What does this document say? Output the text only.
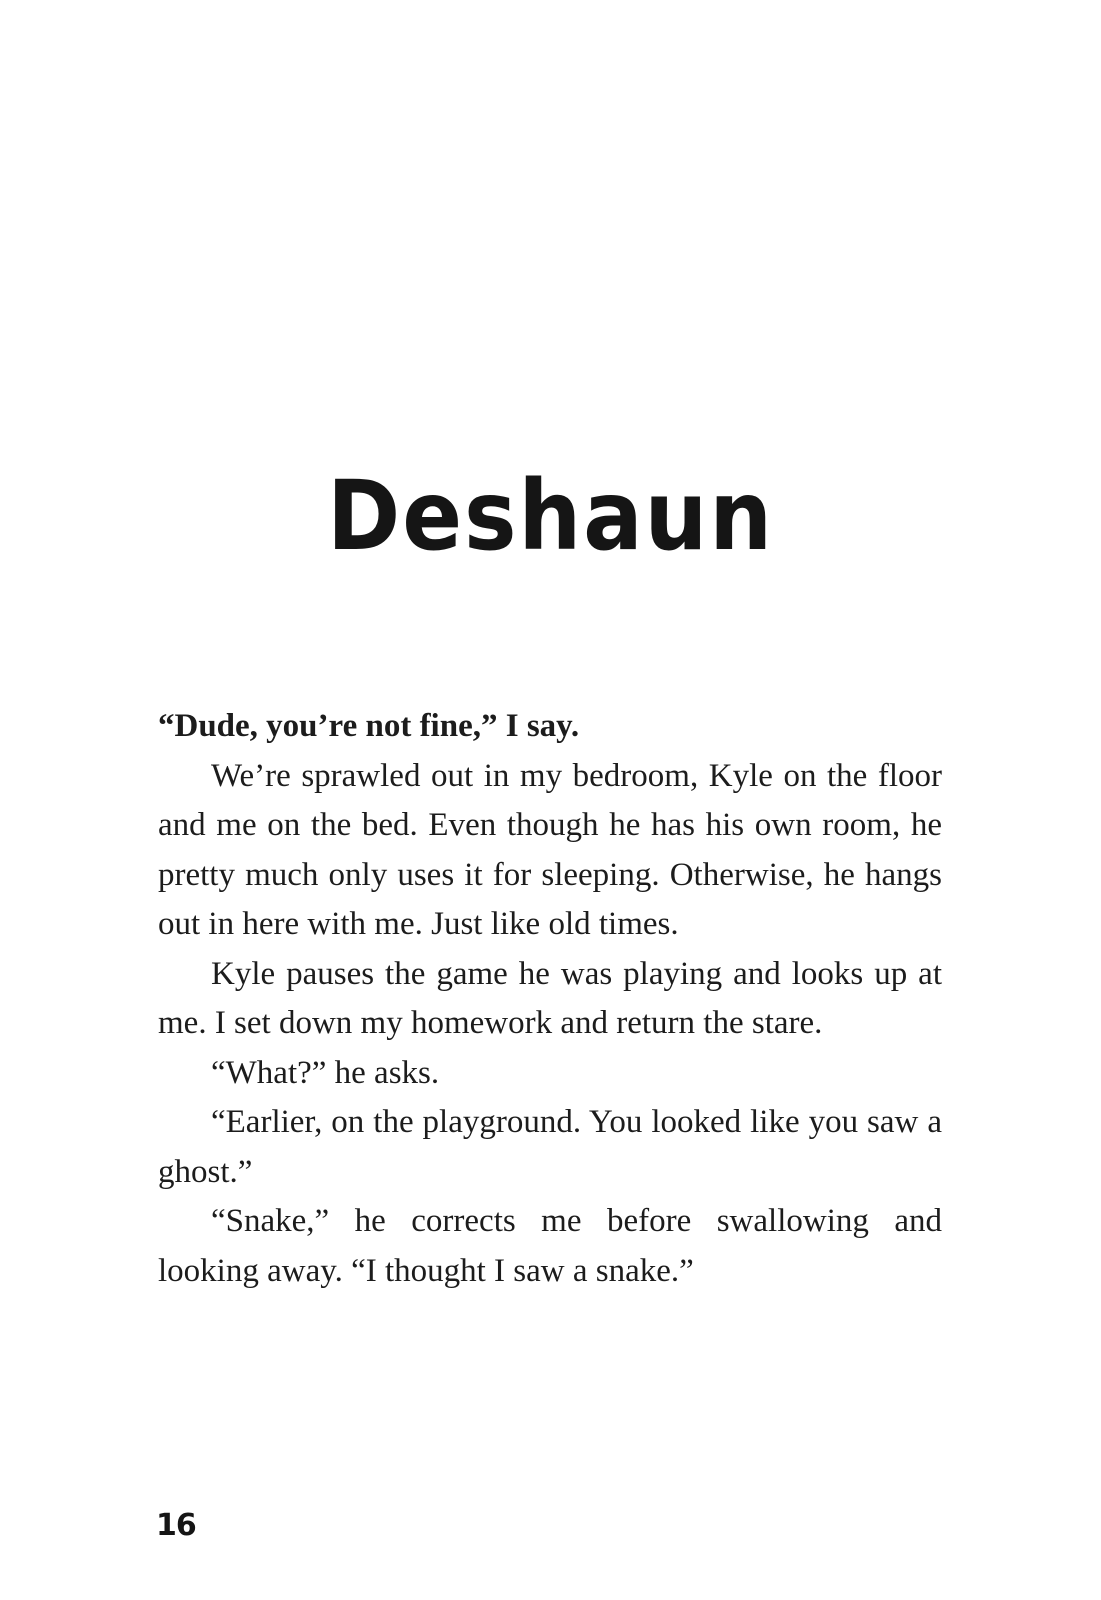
Deshaun

“Dude, you’re not fine,” I say.

We’re sprawled out in my bedroom, Kyle on the floor and me on the bed. Even though he has his own room, he pretty much only uses it for sleeping. Otherwise, he hangs out in here with me. Just like old times.

Kyle pauses the game he was playing and looks up at me. I set down my homework and return the stare.

“What?” he asks.

“Earlier, on the playground. You looked like you saw a ghost.”

“Snake,” he corrects me before swallowing and looking away. “I thought I saw a snake.”

16
